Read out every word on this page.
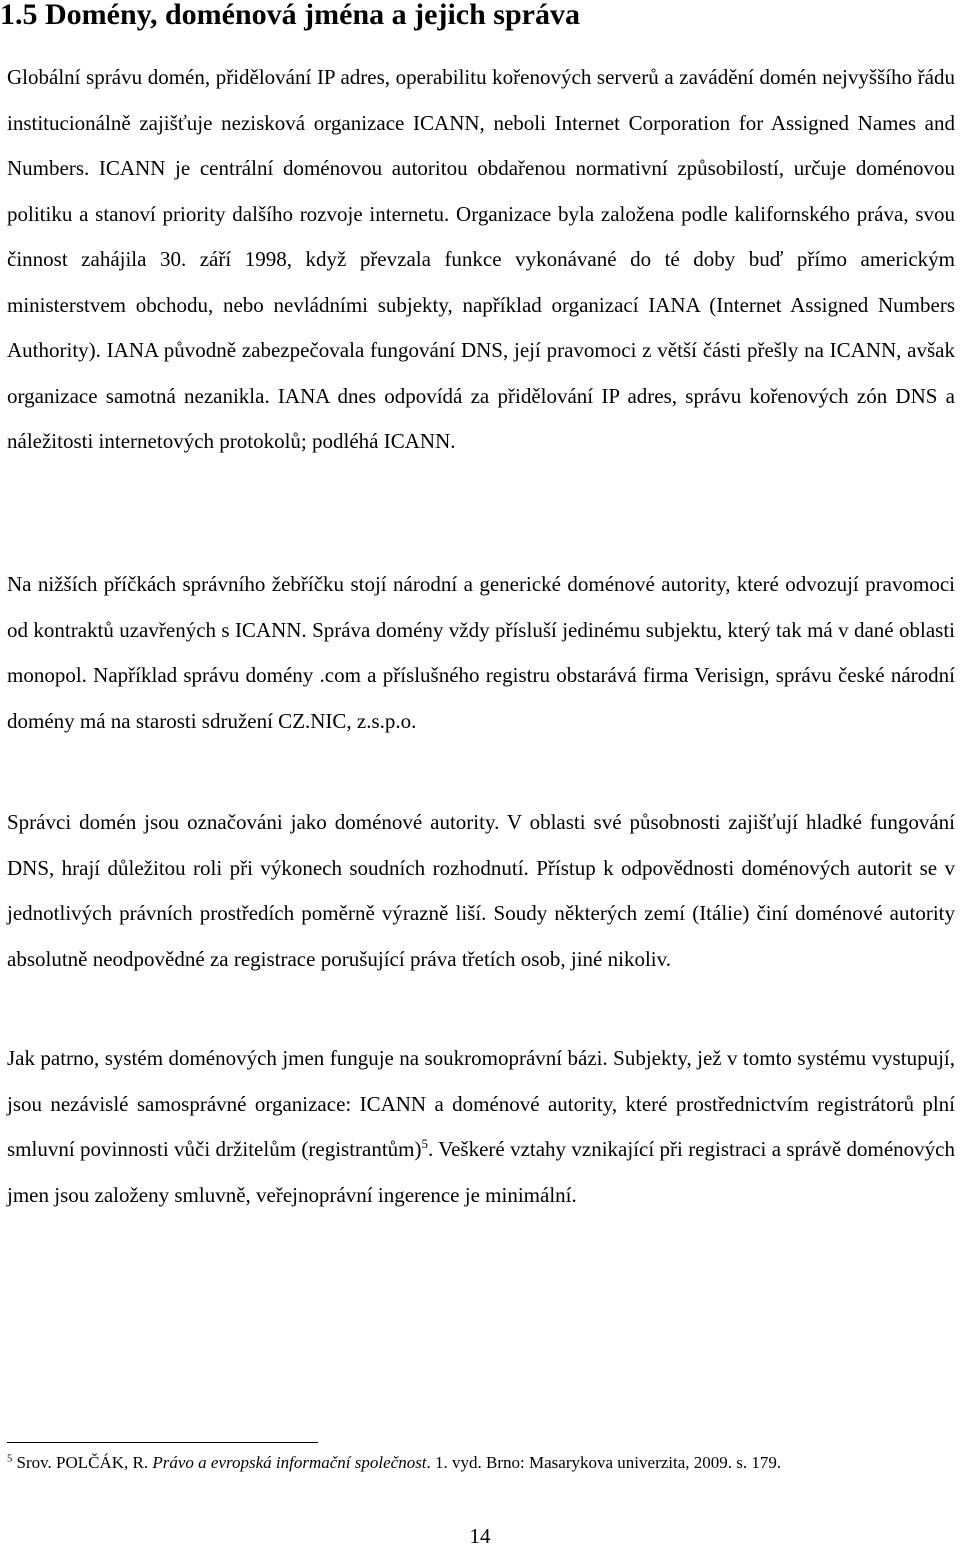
1.5 Domény, doménová jména a jejich správa

Globální správu domén, přidělování IP adres, operabilitu kořenových serverů a zavádění domén nejvyššího řádu institucionálně zajišťuje nezisková organizace ICANN, neboli Internet Corporation for Assigned Names and Numbers. ICANN je centrální doménovou autoritou obdařenou normativní způsobilostí, určuje doménovou politiku a stanoví priority dalšího rozvoje internetu. Organizace byla založena podle kalifornského práva, svou činnost zahájila 30. září 1998, když převzala funkce vykonávané do té doby buď přímo americkým ministerstvem obchodu, nebo nevládními subjekty, například organizací IANA (Internet Assigned Numbers Authority). IANA původně zabezpečovala fungování DNS, její pravomoci z větší části přešly na ICANN, avšak organizace samotná nezanikla. IANA dnes odpovídá za přidělování IP adres, správu kořenových zón DNS a náležitosti internetových protokolů; podléhá ICANN.

Na nižších příčkách správního žebříčku stojí národní a generické doménové autority, které odvozují pravomoci od kontraktů uzavřených s ICANN. Správa domény vždy přísluší jedinému subjektu, který tak má v dané oblasti monopol. Například správu domény .com a příslušného registru obstarává firma Verisign, správu české národní domény má na starosti sdružení CZ.NIC, z.s.p.o.

Správci domén jsou označováni jako doménové autority. V oblasti své působnosti zajišťují hladké fungování DNS, hrají důležitou roli při výkonech soudních rozhodnutí. Přístup k odpovědnosti doménových autorit se v jednotlivých právních prostředích poměrně výrazně liší. Soudy některých zemí (Itálie) činí doménové autority absolutně neodpovědné za registrace porušující práva třetích osob, jiné nikoliv.

Jak patrno, systém doménových jmen funguje na soukromoprávní bázi. Subjekty, jež v tomto systému vystupují, jsou nezávislé samosprávné organizace: ICANN a doménové autority, které prostřednictvím registrátorů plní smluvní povinnosti vůči držitelům (registrantům)$^5$. Veškeré vztahy vznikající při registraci a správě doménových jmen jsou založeny smluvně, veřejnoprávní ingerence je minimální.

$^5$ Srov. POLČÁK, R. Právo a evropská informační společnost. 1. vyd. Brno: Masarykova univerzita, 2009. s. 179.

14
